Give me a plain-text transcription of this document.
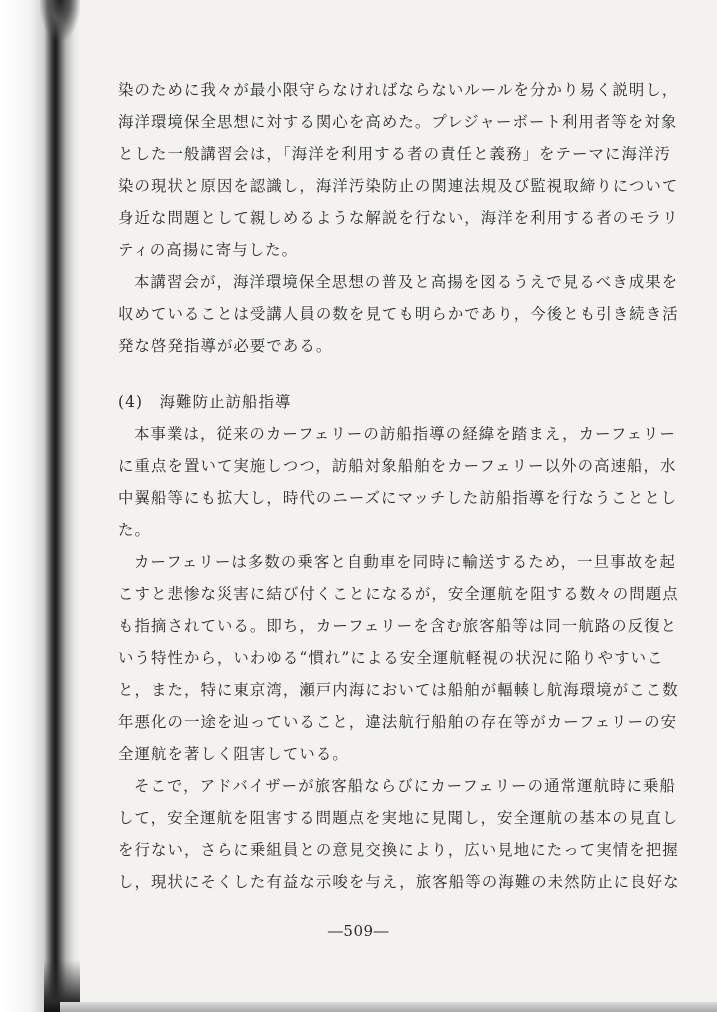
染のために我々が最小限守らなければならないルールを分かり易く説明し，
海洋環境保全思想に対する関心を高めた。プレジャーボート利用者等を対象
とした一般講習会は，「海洋を利用する者の責任と義務」をテーマに海洋汚
染の現状と原因を認識し，海洋汚染防止の関連法規及び監視取締りについて
身近な問題として親しめるような解説を行ない，海洋を利用する者のモラリ
ティの高揚に寄与した。
本講習会が，海洋環境保全思想の普及と高揚を図るうえで見るべき成果を
収めていることは受講人員の数を見ても明らかであり，今後とも引き続き活
発な啓発指導が必要である。
(4)　海難防止訪船指導
本事業は，従来のカーフェリーの訪船指導の経緯を踏まえ，カーフェリー
に重点を置いて実施しつつ，訪船対象船舶をカーフェリー以外の高速船，水
中翼船等にも拡大し，時代のニーズにマッチした訪船指導を行なうこととし
た。
カーフェリーは多数の乗客と自動車を同時に輸送するため，一旦事故を起
こすと悲惨な災害に結び付くことになるが，安全運航を阻する数々の問題点
も指摘されている。即ち，カーフェリーを含む旅客船等は同一航路の反復と
いう特性から，いわゆる“慣れ”による安全運航軽視の状況に陥りやすいこ
と，また，特に東京湾，瀬戸内海においては船舶が輻輳し航海環境がここ数
年悪化の一途を辿っていること，違法航行船舶の存在等がカーフェリーの安
全運航を著しく阻害している。
そこで，アドバイザーが旅客船ならびにカーフェリーの通常運航時に乗船
して，安全運航を阻害する問題点を実地に見聞し，安全運航の基本の見直し
を行ない，さらに乗組員との意見交換により，広い見地にたって実情を把握
し，現状にそくした有益な示唆を与え，旅客船等の海難の未然防止に良好な
―509―
